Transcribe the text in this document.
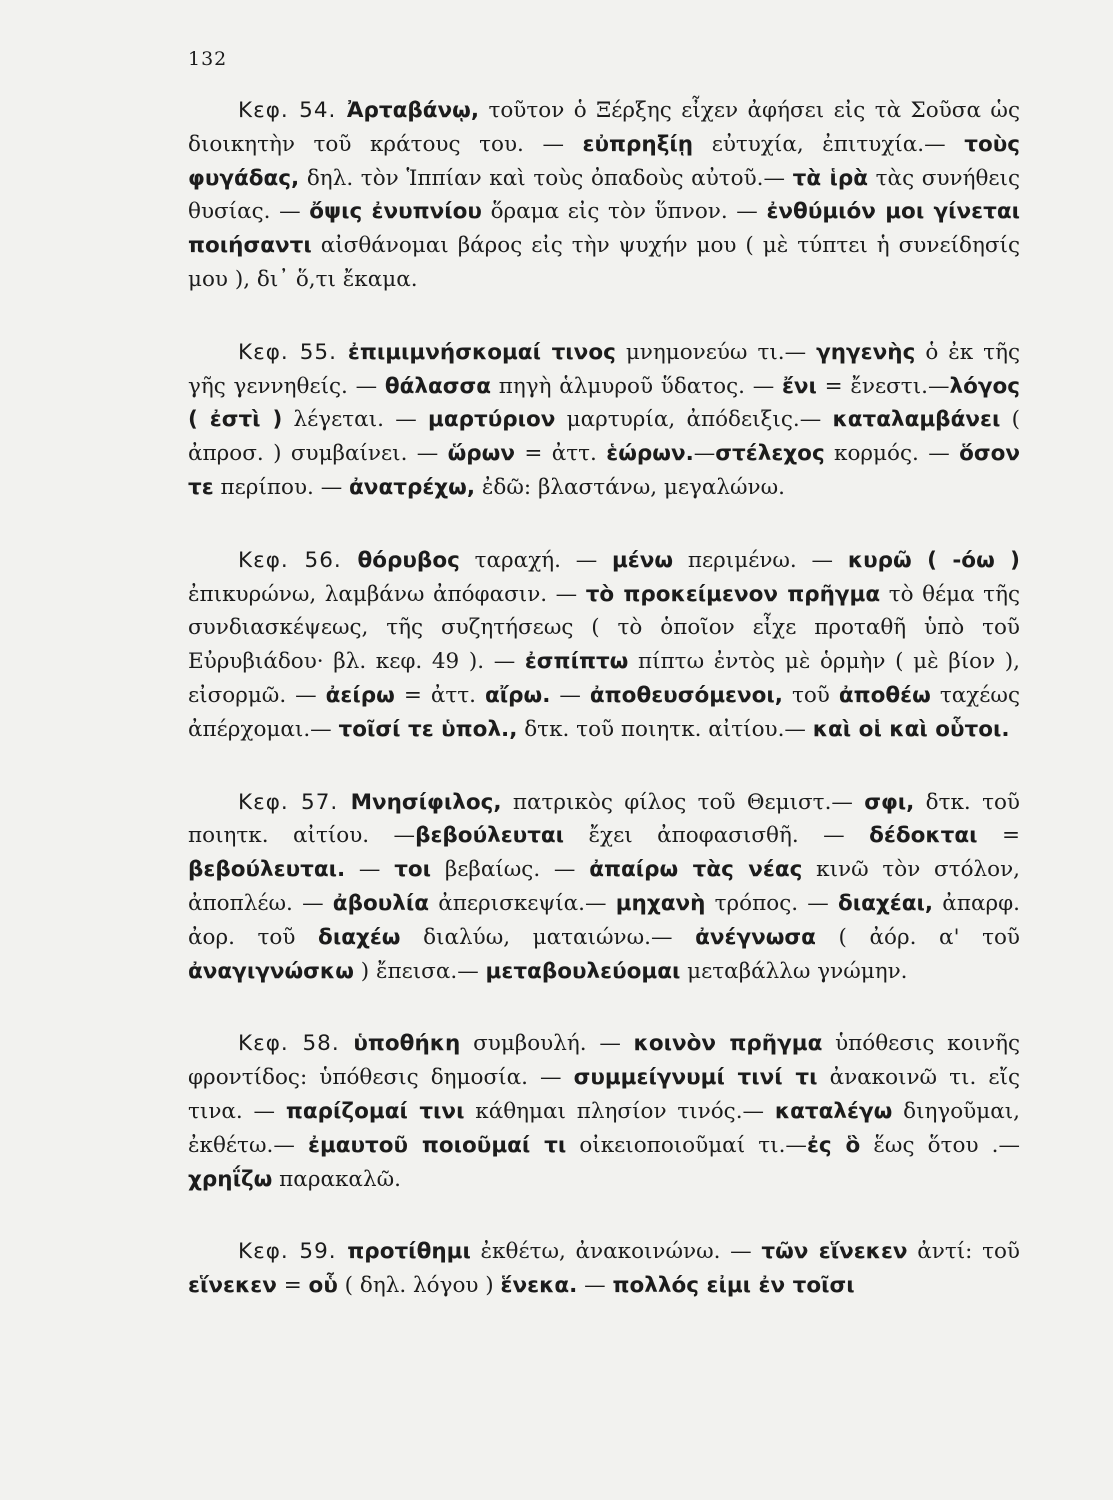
132

Κεφ. 54. Ἀρταβάνῳ, τοῦτον ὁ Ξέρξης εἶχεν ἀφήσει εἰς τὰ Σοῦσα ὡς διοικητὴν τοῦ κράτους του. — εὐπρηξίῃ εὐτυχία, ἐπιτυχία.— τοὺς φυγάδας, δηλ. τὸν Ἱππίαν καὶ τοὺς ὀπαδοὺς αὐτοῦ.— τὰ ἱρὰ τὰς συνήθεις θυσίας. — ὄψις ἐνυπνίου ὅραμα εἰς τὸν ὕπνον. — ἐνθύμιόν μοι γίνεται ποιήσαντι αἰσθάνομαι βάρος εἰς τὴν ψυχήν μου ( μὲ τύπτει ἡ συνείδησίς μου ), δι᾿ ὅ,τι ἔκαμα.

Κεφ. 55. ἐπιμιμνήσκομαί τινος μνημονεύω τι.— γηγενὴς ὁ ἐκ τῆς γῆς γεννηθείς. — θάλασσα πηγὴ ἁλμυροῦ ὕδατος. — ἔνι = ἔνεστι.—λόγος ( ἐστὶ ) λέγεται. — μαρτύριον μαρτυρία, ἀπόδειξις.— καταλαμβάνει ( ἀπροσ. ) συμβαίνει. — ὥρων = ἀττ. ἑώρων.—στέλεχος κορμός. — ὅσον τε περίπου. — ἀνατρέχω, ἐδῶ: βλαστάνω, μεγαλώνω.

Κεφ. 56. θόρυβος ταραχή. — μένω περιμένω. — κυρῶ ( -όω ) ἐπικυρώνω, λαμβάνω ἀπόφασιν. — τὸ προκείμενον πρῆγμα τὸ θέμα τῆς συνδιασκέψεως, τῆς συζητήσεως ( τὸ ὁποῖον εἶχε προταθῆ ὑπὸ τοῦ Εὐρυβιάδου· βλ. κεφ. 49 ). — ἐσπίπτω πίπτω ἐντὸς μὲ ὁρμὴν ( μὲ βίον ), εἰσορμῶ. — ἀείρω = ἀττ. αἴρω. — ἀποθευσόμενοι, τοῦ ἀποθέω ταχέως ἀπέρχομαι.— τοῖσί τε ὑπολ., δτκ. τοῦ ποιητκ. αἰτίου.— καὶ οἱ καὶ οὗτοι.

Κεφ. 57. Μνησίφιλος, πατρικὸς φίλος τοῦ Θεμιστ.— σφι, δτκ. τοῦ ποιητκ. αἰτίου. —βεβούλευται ἔχει ἀποφασισθῆ. — δέδοκται = βεβούλευται. — τοι βεβαίως. — ἀπαίρω τὰς νέας κινῶ τὸν στόλον, ἀποπλέω. — ἀβουλία ἀπερισκεψία.— μηχανὴ τρόπος. — διαχέαι, ἀπαρφ. ἀορ. τοῦ διαχέω διαλύω, ματαιώνω.— ἀνέγνωσα ( ἀόρ. α' τοῦ ἀναγιγνώσκω ) ἔπεισα.— μεταβουλεύομαι μεταβάλλω γνώμην.

Κεφ. 58. ὑποθήκη συμβουλή. — κοινὸν πρῆγμα ὑπόθεσις κοινῆς φροντίδος: ὑπόθεσις δημοσία. — συμμείγνυμί τινί τι ἀνακοινῶ τι. εἴς τινα. — παρίζομαί τινι κάθημαι πλησίον τινός.— καταλέγω διηγοῦμαι, ἐκθέτω.— ἐμαυτοῦ ποιοῦμαί τι οἰκειοποιοῦμαί τι.—ἐς ὃ ἕως ὅτου .— χρηΐζω παρακαλῶ.

Κεφ. 59. προτίθημι ἐκθέτω, ἀνακοινώνω. — τῶν εἵνεκεν ἀντί: τοῦ εἵνεκεν = οὗ ( δηλ. λόγου ) ἕνεκα. — πολλός εἰμι ἐν τοῖσι
